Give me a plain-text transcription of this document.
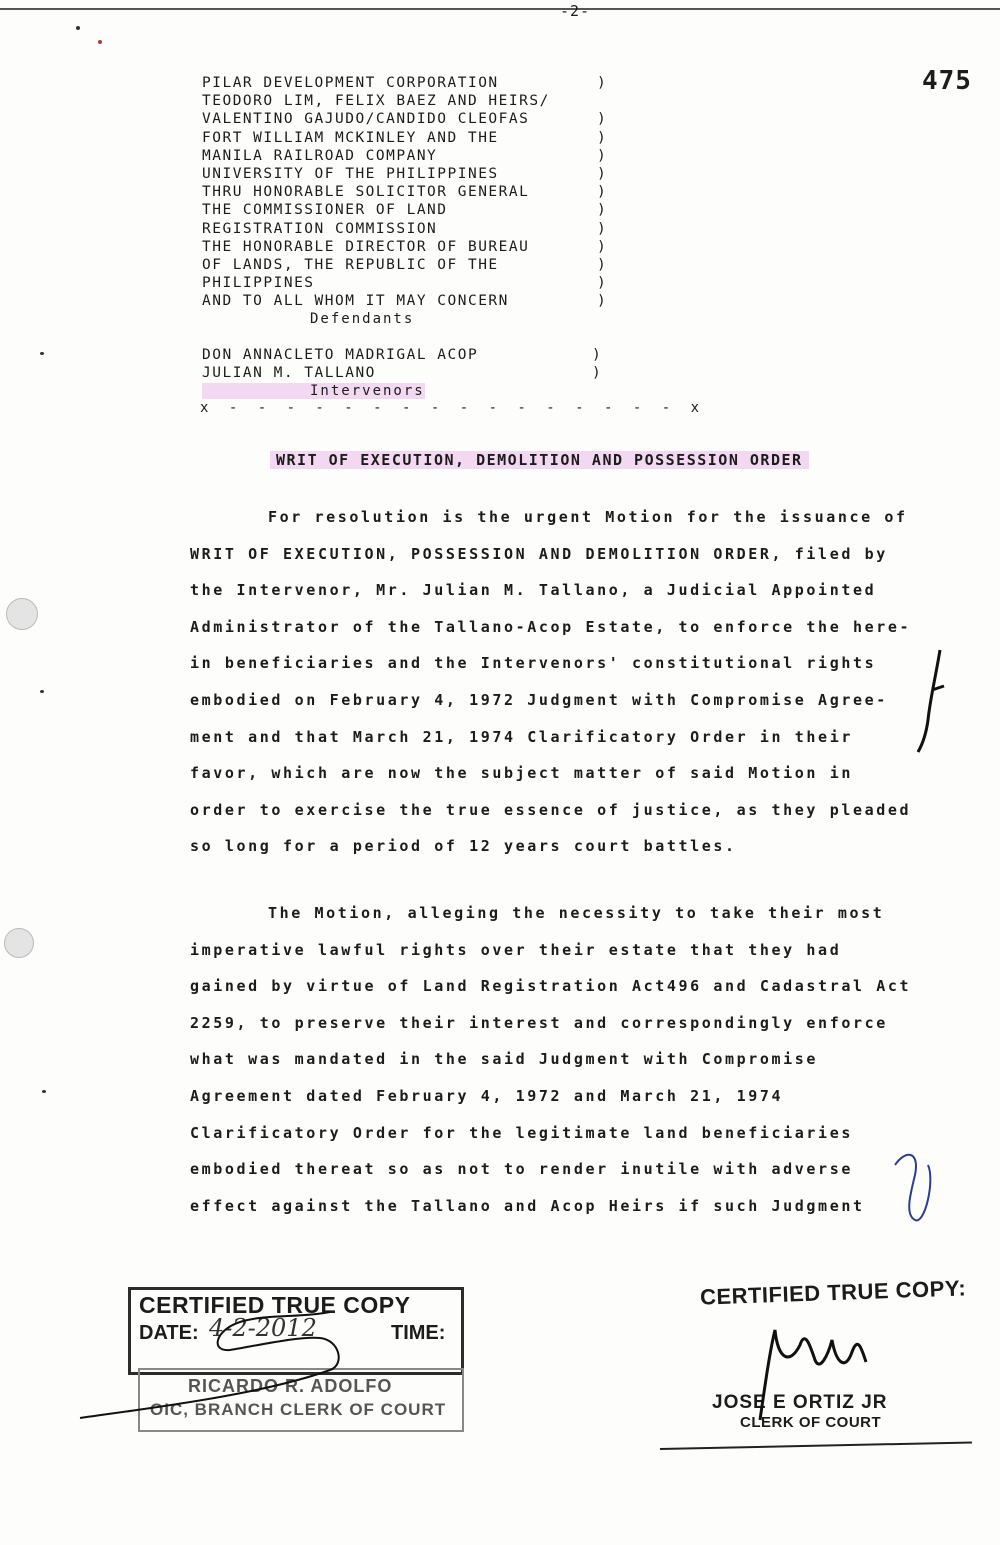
-2-
475
PILAR DEVELOPMENT CORPORATION	)
TEODORO LIM, FELIX BAEZ AND HEIRS/
VALENTINO GAJUDO/CANDIDO CLEOFAS	)
FORT WILLIAM MCKINLEY AND THE	)
MANILA RAILROAD COMPANY	)
UNIVERSITY OF THE PHILIPPINES	)
THRU HONORABLE SOLICITOR GENERAL	)
THE COMMISSIONER OF LAND	)
REGISTRATION COMMISSION	)
THE HONORABLE DIRECTOR OF BUREAU	)
OF LANDS, THE REPUBLIC OF THE	)
PHILIPPINES	)
AND TO ALL WHOM IT MAY CONCERN	)
Defendants
DON ANNACLETO MADRIGAL ACOP	)
JULIAN M. TALLANO	)
Intervenors
x - - - - - - - - - - - - - - - - x
WRIT OF EXECUTION, DEMOLITION AND POSSESSION ORDER
For resolution is the urgent Motion for the issuance of
WRIT OF EXECUTION, POSSESSION AND DEMOLITION ORDER, filed by
the Intervenor, Mr. Julian M. Tallano, a Judicial Appointed
Administrator of the Tallano-Acop Estate, to enforce the here-
in beneficiaries and the Intervenors' constitutional rights
embodied on February 4, 1972 Judgment with Compromise Agree-
ment and that March 21, 1974 Clarificatory Order in their
favor, which are now the subject matter of said Motion in
order to exercise the true essence of justice, as they pleaded
so long for a period of 12 years court battles.
The Motion, alleging the necessity to take their most
imperative lawful rights over their estate that they had
gained by virtue of Land Registration Act496 and Cadastral Act
2259, to preserve their interest and correspondingly enforce
what was mandated in the said Judgment with Compromise
Agreement dated February 4, 1972 and March 21, 1974
Clarificatory Order for the legitimate land beneficiaries
embodied thereat so as not to render inutile with adverse
effect against the Tallano and Acop Heirs if such Judgment
CERTIFIED TRUE COPY
DATE: 4-2-2012	TIME:
RICARDO R. ADOLFO
OIC, BRANCH CLERK OF COURT
CERTIFIED TRUE COPY:
JOSE E ORTIZ JR
CLERK OF COURT
